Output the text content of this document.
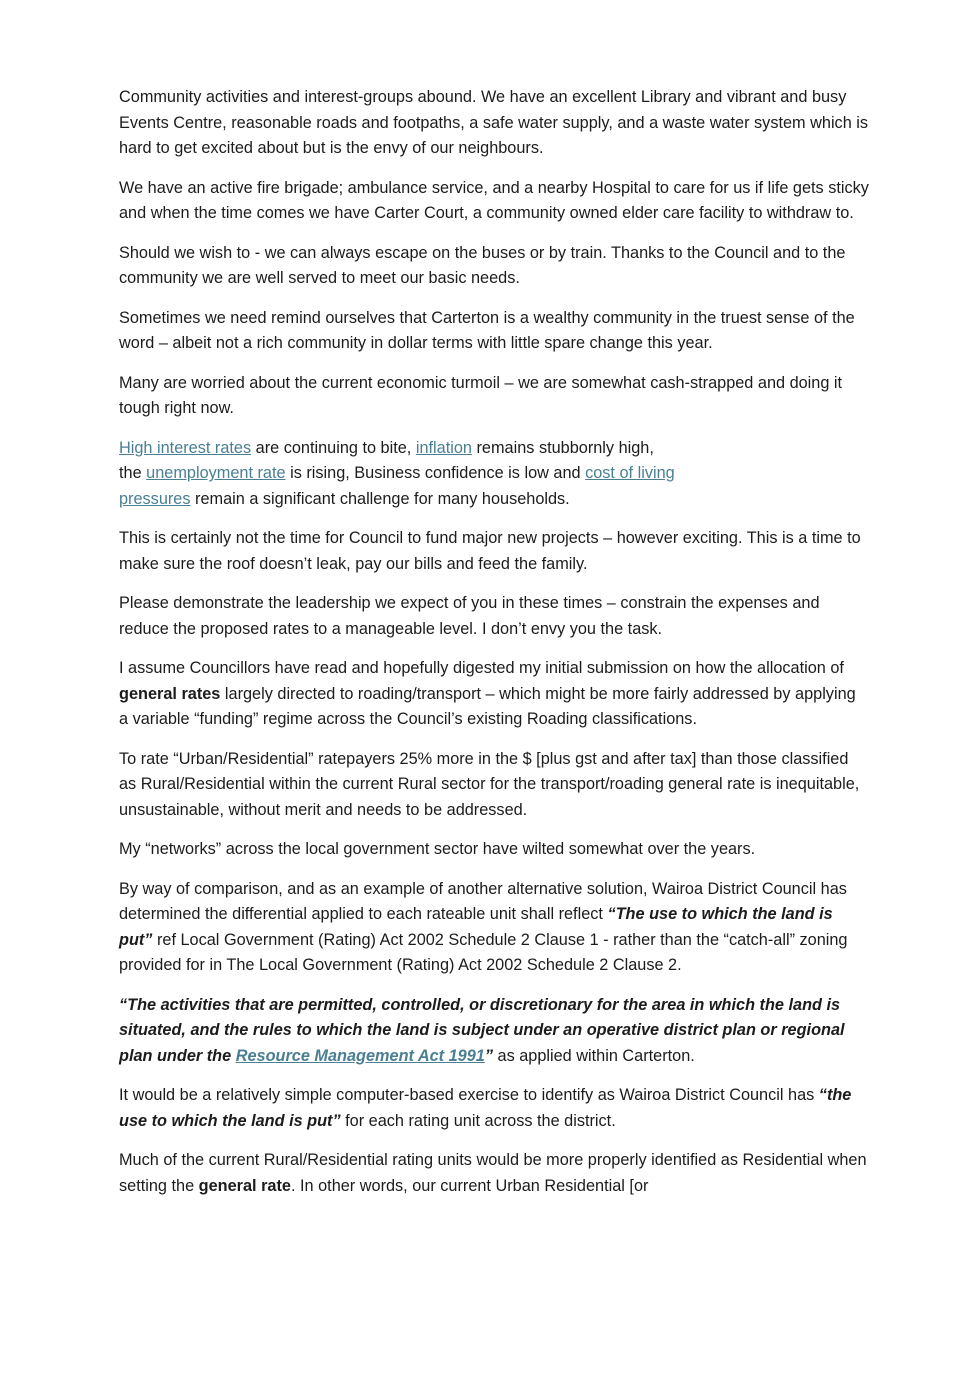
Community activities and interest-groups abound. We have an excellent Library and vibrant and busy Events Centre, reasonable roads and footpaths, a safe water supply, and a waste water system which is hard to get excited about but is the envy of our neighbours.

We have an active fire brigade; ambulance service, and a nearby Hospital to care for us if life gets sticky and when the time comes we have Carter Court, a community owned elder care facility to withdraw to.

Should we wish to - we can always escape on the buses or by train. Thanks to the Council and to the community we are well served to meet our basic needs.

Sometimes we need remind ourselves that Carterton is a wealthy community in the truest sense of the word – albeit not a rich community in dollar terms with little spare change this year.

Many are worried about the current economic turmoil – we are somewhat cash-strapped and doing it tough right now.

High interest rates are continuing to bite, inflation remains stubbornly high,
the unemployment rate is rising, Business confidence is low and cost of living
pressures remain a significant challenge for many households.

This is certainly not the time for Council to fund major new projects – however exciting. This is a time to make sure the roof doesn’t leak, pay our bills and feed the family.

Please demonstrate the leadership we expect of you in these times – constrain the expenses and reduce the proposed rates to a manageable level. I don’t envy you the task.

I assume Councillors have read and hopefully digested my initial submission on how the allocation of general rates largely directed to roading/transport – which might be more fairly addressed by applying a variable “funding” regime across the Council’s existing Roading classifications.

To rate “Urban/Residential” ratepayers 25% more in the $ [plus gst and after tax] than those classified as Rural/Residential within the current Rural sector for the transport/roading general rate is inequitable, unsustainable, without merit and needs to be addressed.

My “networks” across the local government sector have wilted somewhat over the years.

By way of comparison, and as an example of another alternative solution, Wairoa District Council has determined the differential applied to each rateable unit shall reflect “The use to which the land is put” ref Local Government (Rating) Act 2002 Schedule 2 Clause 1 - rather than the “catch-all” zoning provided for in The Local Government (Rating) Act 2002 Schedule 2 Clause 2.

“The activities that are permitted, controlled, or discretionary for the area in which the land is situated, and the rules to which the land is subject under an operative district plan or regional plan under the Resource Management Act 1991” as applied within Carterton.

It would be a relatively simple computer-based exercise to identify as Wairoa District Council has “the use to which the land is put” for each rating unit across the district.

Much of the current Rural/Residential rating units would be more properly identified as Residential when setting the general rate. In other words, our current Urban Residential [or
